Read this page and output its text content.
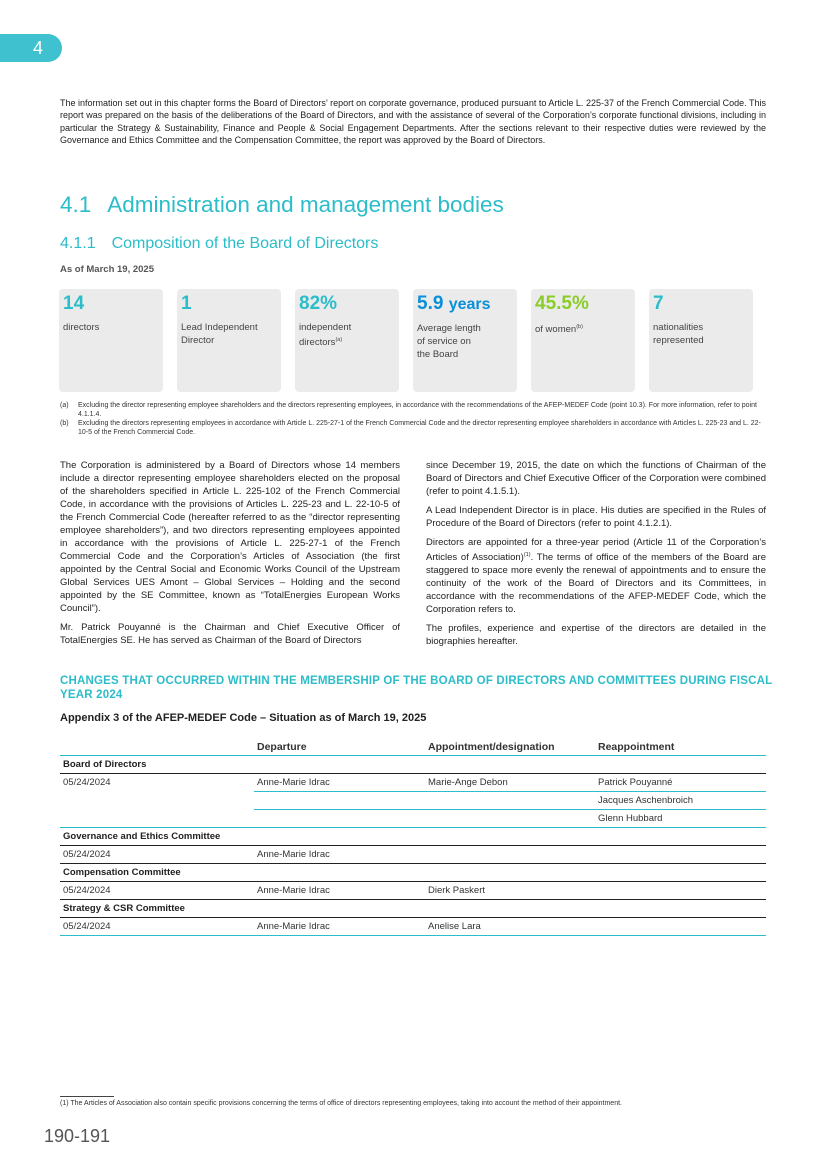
4

The information set out in this chapter forms the Board of Directors’ report on corporate governance, produced pursuant to Article L. 225-37 of the French Commercial Code. This report was prepared on the basis of the deliberations of the Board of Directors, and with the assistance of several of the Corporation’s corporate functional divisions, including in particular the Strategy & Sustainability, Finance and People & Social Engagement Departments. After the sections relevant to their respective duties were reviewed by the Governance and Ethics Committee and the Compensation Committee, the report was approved by the Board of Directors.

4.1 Administration and management bodies
4.1.1 Composition of the Board of Directors
As of March 19, 2025
14
directors
1
Lead Independent
Director
82%
independent
directors$^{(a)}$
5.9 years
Average length
of service on
the Board
45.5%
of women$^{(b)}$
7
nationalities
represented
(a)	Excluding the director representing employee shareholders and the directors representing employees, in accordance with the recommendations of the AFEP-MEDEF Code (point 10.3). For more information, refer to point 4.1.1.4.
(b)	Excluding the directors representing employees in accordance with Article L. 225-27-1 of the French Commercial Code and the director representing employee shareholders in accordance with Articles L. 225-23 and L. 22-10-5 of the French Commercial Code.

The Corporation is administered by a Board of Directors whose 14 members include a director representing employee shareholders elected on the proposal of the shareholders specified in Article L. 225-102 of the French Commercial Code, in accordance with the provisions of Articles L. 225-23 and L. 22-10-5 of the French Commercial Code (hereafter referred to as the “director representing employee shareholders”), and two directors representing employees appointed in accordance with the provisions of Article L. 225-27-1 of the French Commercial Code and the Corporation’s Articles of Association (the first appointed by the Central Social and Economic Works Council of the Upstream Global Services UES Amont – Global Services – Holding and the second appointed by the SE Committee, known as “TotalEnergies European Works Council”).

Mr. Patrick Pouyanné is the Chairman and Chief Executive Officer of TotalEnergies SE. He has served as Chairman of the Board of Directors

since December 19, 2015, the date on which the functions of Chairman of the Board of Directors and Chief Executive Officer of the Corporation were combined (refer to point 4.1.5.1).

A Lead Independent Director is in place. His duties are specified in the Rules of Procedure of the Board of Directors (refer to point 4.1.2.1).

Directors are appointed for a three-year period (Article 11 of the Corporation’s Articles of Association)$^{(1)}$. The terms of office of the members of the Board are staggered to space more evenly the renewal of appointments and to ensure the continuity of the work of the Board of Directors and its Committees, in accordance with the recommendations of the AFEP-MEDEF Code, which the Corporation refers to.

The profiles, experience and expertise of the directors are detailed in the biographies hereafter.

CHANGES THAT OCCURRED WITHIN THE MEMBERSHIP OF THE BOARD OF DIRECTORS AND COMMITTEES DURING FISCAL YEAR 2024
Appendix 3 of the AFEP-MEDEF Code – Situation as of March 19, 2025
	Departure	Appointment/designation	Reappointment
Board of Directors			
05/24/2024	Anne-Marie Idrac	Marie-Ange Debon	Patrick Pouyanné
			Jacques Aschenbroich
			Glenn Hubbard
Governance and Ethics Committee			
05/24/2024	Anne-Marie Idrac		
Compensation Committee			
05/24/2024	Anne-Marie Idrac	Dierk Paskert	
Strategy & CSR Committee			
05/24/2024	Anne-Marie Idrac	Anelise Lara	
(1) The Articles of Association also contain specific provisions concerning the terms of office of directors representing employees, taking into account the method of their appointment.
190-191
